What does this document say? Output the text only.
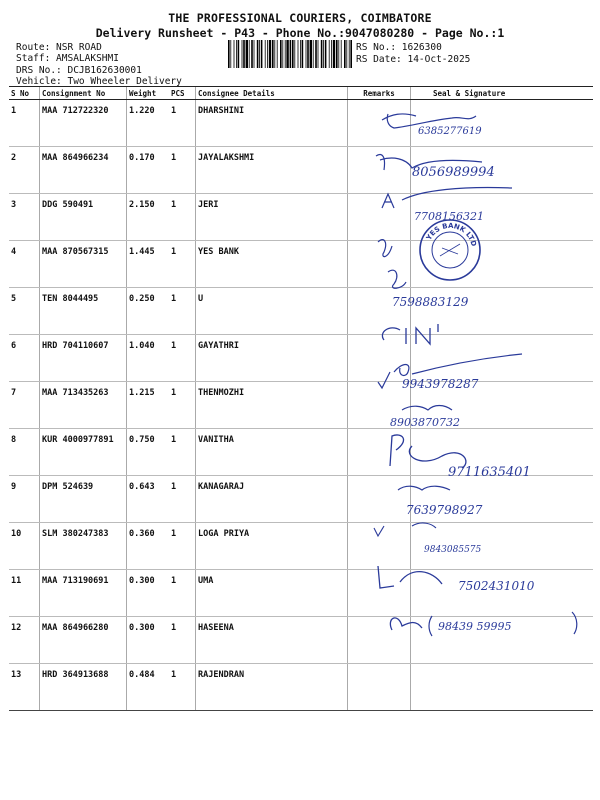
THE PROFESSIONAL COURIERS, COIMBATORE
Delivery Runsheet - P43 - Phone No.:9047080280 - Page No.:1
Route: NSR ROAD
Staff: AMSALAKSHMI
DRS No.: DCJB162630001
Vehicle: Two Wheeler Delivery
RS No.: 1626300
RS Date: 14-Oct-2025
S No	Consignment No	Weight	PCS	Consignee Details	Remarks	Seal & Signature
1	MAA 712722320	1.220	1	DHARSHINI		
2	MAA 864966234	0.170	1	JAYALAKSHMI		
3	DDG 590491	2.150	1	JERI		
4	MAA 870567315	1.445	1	YES BANK		
5	TEN 8044495	0.250	1	U		
6	HRD 704110607	1.040	1	GAYATHRI		
7	MAA 713435263	1.215	1	THENMOZHI		
8	KUR 4000977891	0.750	1	VANITHA		
9	DPM 524639	0.643	1	KANAGARAJ		
10	SLM 380247383	0.360	1	LOGA PRIYA		
11	MAA 713190691	0.300	1	UMA		
12	MAA 864966280	0.300	1	HASEENA		
13	HRD 364913688	0.484	1	RAJENDRAN		
6385277619
8056989994
7708156321
7598883129
9943978287
8903870732
9711635401
7639798927
9843085575
7502431010
98439 59995
YES BANK LTD
